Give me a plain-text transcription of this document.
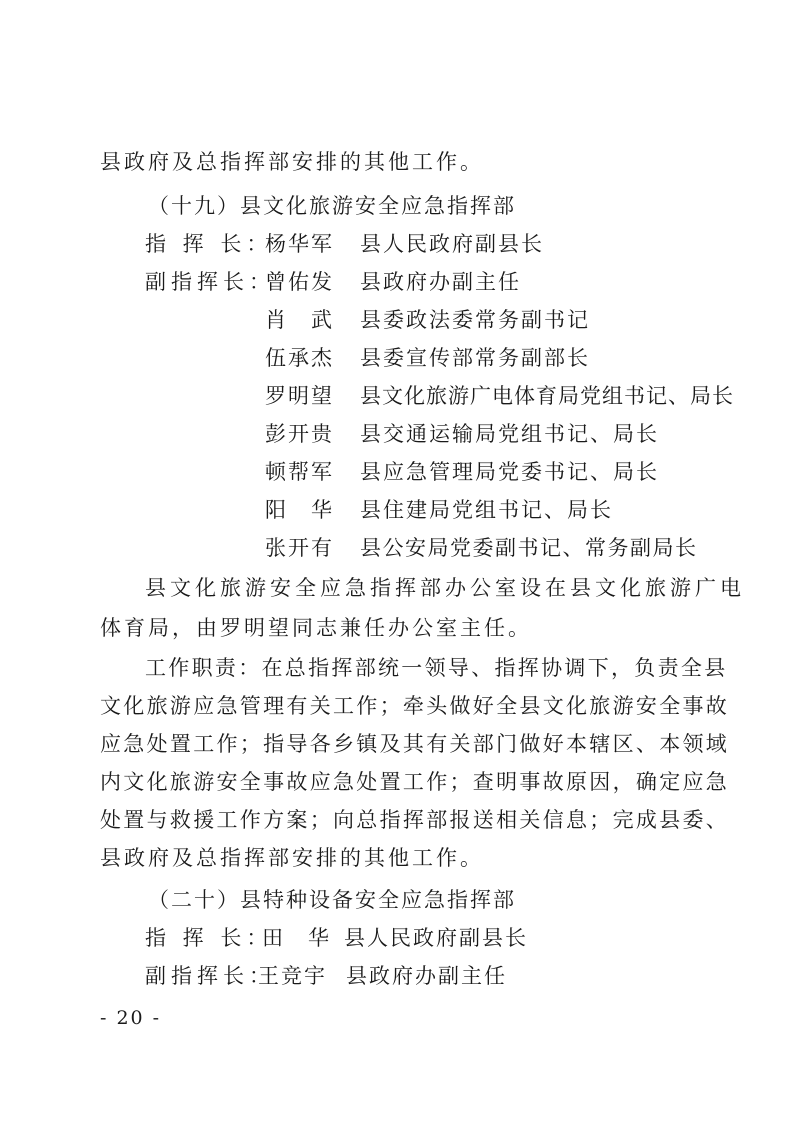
县政府及总指挥部安排的其他工作。
（十九）县文化旅游安全应急指挥部
指 挥 长：
杨华军 县人民政府副县长
副指挥长：
曾佑发 县政府办副主任
肖　武 县委政法委常务副书记
伍承杰 县委宣传部常务副部长
罗明望 县文化旅游广电体育局党组书记、局长
彭开贵 县交通运输局党组书记、局长
顿帮军 县应急管理局党委书记、局长
阳　华 县住建局党组书记、局长
张开有 县公安局党委副书记、常务副局长
县文化旅游安全应急指挥部办公室设在县文化旅游广电
体育局，由罗明望同志兼任办公室主任。
工作职责：在总指挥部统一领导、指挥协调下，负责全县
文化旅游应急管理有关工作；牵头做好全县文化旅游安全事故
应急处置工作；指导各乡镇及其有关部门做好本辖区、本领域
内文化旅游安全事故应急处置工作；查明事故原因，确定应急
处置与救援工作方案；向总指挥部报送相关信息；完成县委、
县政府及总指挥部安排的其他工作。
（二十）县特种设备安全应急指挥部
指 挥 长：
田　华 县人民政府副县长
副指挥长：
王竞宇 县政府办副主任
- 20 -
